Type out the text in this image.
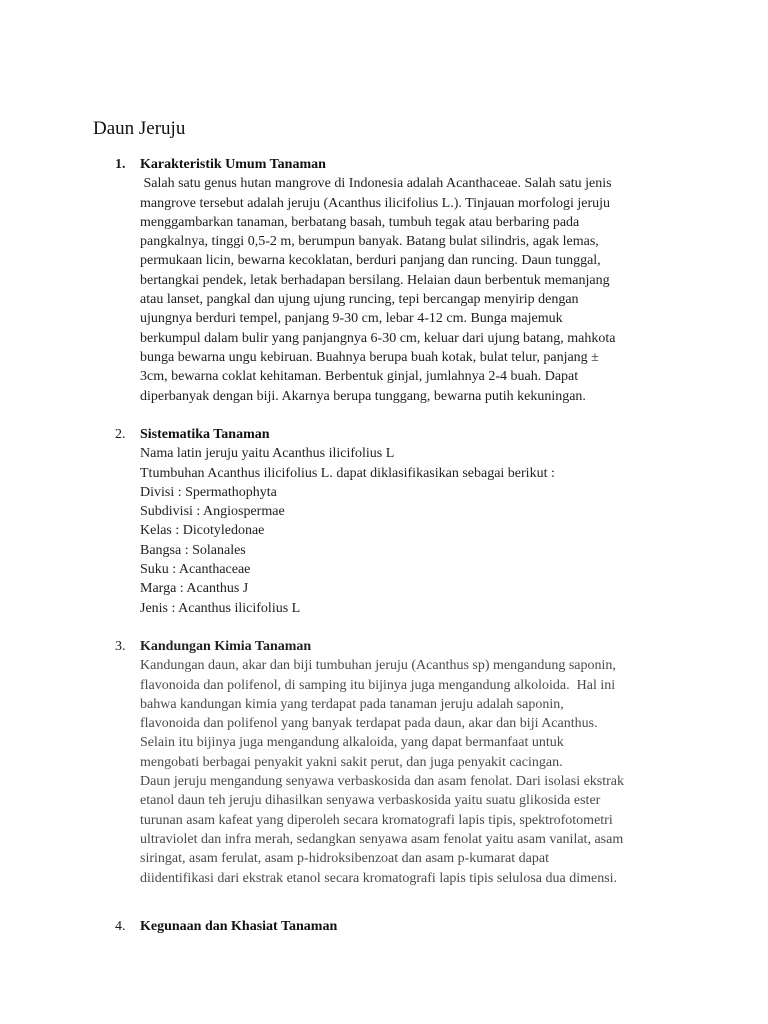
Daun Jeruju
1. Karakteristik Umum Tanaman

Salah satu genus hutan mangrove di Indonesia adalah Acanthaceae. Salah satu jenis
mangrove tersebut adalah jeruju (Acanthus ilicifolius L.). Tinjauan morfologi jeruju
menggambarkan tanaman, berbatang basah, tumbuh tegak atau berbaring pada
pangkalnya, tinggi 0,5-2 m, berumpun banyak. Batang bulat silindris, agak lemas,
permukaan licin, bewarna kecoklatan, berduri panjang dan runcing. Daun tunggal,
bertangkai pendek, letak berhadapan bersilang. Helaian daun berbentuk memanjang
atau lanset, pangkal dan ujung ujung runcing, tepi bercangap menyirip dengan
ujungnya berduri tempel, panjang 9-30 cm, lebar 4-12 cm. Bunga majemuk
berkumpul dalam bulir yang panjangnya 6-30 cm, keluar dari ujung batang, mahkota
bunga bewarna ungu kebiruan. Buahnya berupa buah kotak, bulat telur, panjang ±
3cm, bewarna coklat kehitaman. Berbentuk ginjal, jumlahnya 2-4 buah. Dapat
diperbanyak dengan biji. Akarnya berupa tunggang, bewarna putih kekuningan.
2. Sistematika Tanaman

Nama latin jeruju yaitu Acanthus ilicifolius L
Ttumbuhan Acanthus ilicifolius L. dapat diklasifikasikan sebagai berikut :
Divisi : Spermathophyta
Subdivisi : Angiospermae
Kelas : Dicotyledonae
Bangsa : Solanales
Suku : Acanthaceae
Marga : Acanthus J
Jenis : Acanthus ilicifolius L
3. Kandungan Kimia Tanaman

Kandungan daun, akar dan biji tumbuhan jeruju (Acanthus sp) mengandung saponin,
flavonoida dan polifenol, di samping itu bijinya juga mengandung alkoloida.  Hal ini
bahwa kandungan kimia yang terdapat pada tanaman jeruju adalah saponin,
flavonoida dan polifenol yang banyak terdapat pada daun, akar dan biji Acanthus.
Selain itu bijinya juga mengandung alkaloida, yang dapat bermanfaat untuk
mengobati berbagai penyakit yakni sakit perut, dan juga penyakit cacingan.
Daun jeruju mengandung senyawa verbaskosida dan asam fenolat. Dari isolasi ekstrak
etanol daun teh jeruju dihasilkan senyawa verbaskosida yaitu suatu glikosida ester
turunan asam kafeat yang diperoleh secara kromatografi lapis tipis, spektrofotometri
ultraviolet dan infra merah, sedangkan senyawa asam fenolat yaitu asam vanilat, asam
siringat, asam ferulat, asam p-hidroksibenzoat dan asam p-kumarat dapat
diidentifikasi dari ekstrak etanol secara kromatografi lapis tipis selulosa dua dimensi.
4. Kegunaan dan Khasiat Tanaman
